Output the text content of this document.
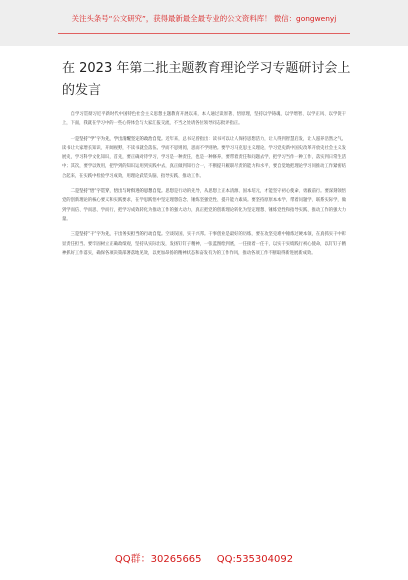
关注头条号“公文研究”，获得最新最全最专业的公文资料库！ 微信：gongwenyj
在 2023 年第二批主题教育理论学习专题研讨会上的发言

自学习贯彻习近平新时代中国特色社会主义思想主题教育开展以来，本人通过读原著、悟原理，坚持以学铸魂、以学增智、以学正风、以学促干上，下面，我就在学习中的一些心得体会与大家汇报交流，不当之处请各位领导同志批评指正。

一是坚持“学”字为先，学出清醒坚定的政治自觉。近年来，总书记曾指出：读书可以让人保持思想活力，让人得到智慧启发，让人滋养浩然之气。读书让大家增长知识、开阔视野，不读书就会落伍。学而不思则罔，思而不学则殆。要学习马克思主义理论，学习党史新中国史改革开放史社会主义发展史，学习科学文化知识，首先，要正确对待学习，学习是一种责任，也是一种修养，要带着责任和问题去学，把学习当作一种工作，落实到日常生活中；其次，要学以致用，把学到的知识运用到实践中去，真正做到知行合一，不断提升履职尽责的能力和水平，要自觉地把理论学习同推动工作紧密结合起来，在实践中检验学习成效，用理论武装头脑、指导实践、推动工作。

二是坚持“悟”字贯穿，悟出与时俱进的思想自觉。思想是行动的先导，从思想上正本清源、固本培元，才能坚守初心使命、勇毅前行。要深刻领悟党的创新理论的核心要义和实践要求，在学思践悟中坚定理想信念、锤炼坚强党性、提升能力素质。要坚持原原本本学、带着问题学、联系实际学，做到学而信、学而思、学而行，把学习成效转化为推动工作的强大动力，真正把党的创新理论转化为坚定理想、锤炼党性和指导实践、推动工作的强大力量。

三是坚持“干”字为先，干出务实担当的行动自觉。空谈误国，实干兴邦。干事创业是最好的历练，要在攻坚克难中锤炼过硬本领，在真抓实干中彰显责任担当。要牢固树立正确政绩观，坚持从实际出发，发扬钉钉子精神，一张蓝图绘到底，一任接着一任干，以实干实绩践行初心使命，以钉钉子精神抓好工作落实，确保各项决策部署落地见效，以更加昂扬的精神状态和奋发有为的工作作风，推动各项工作不断取得新进展新成效。

QQ群：30265665 QQ:535304092
